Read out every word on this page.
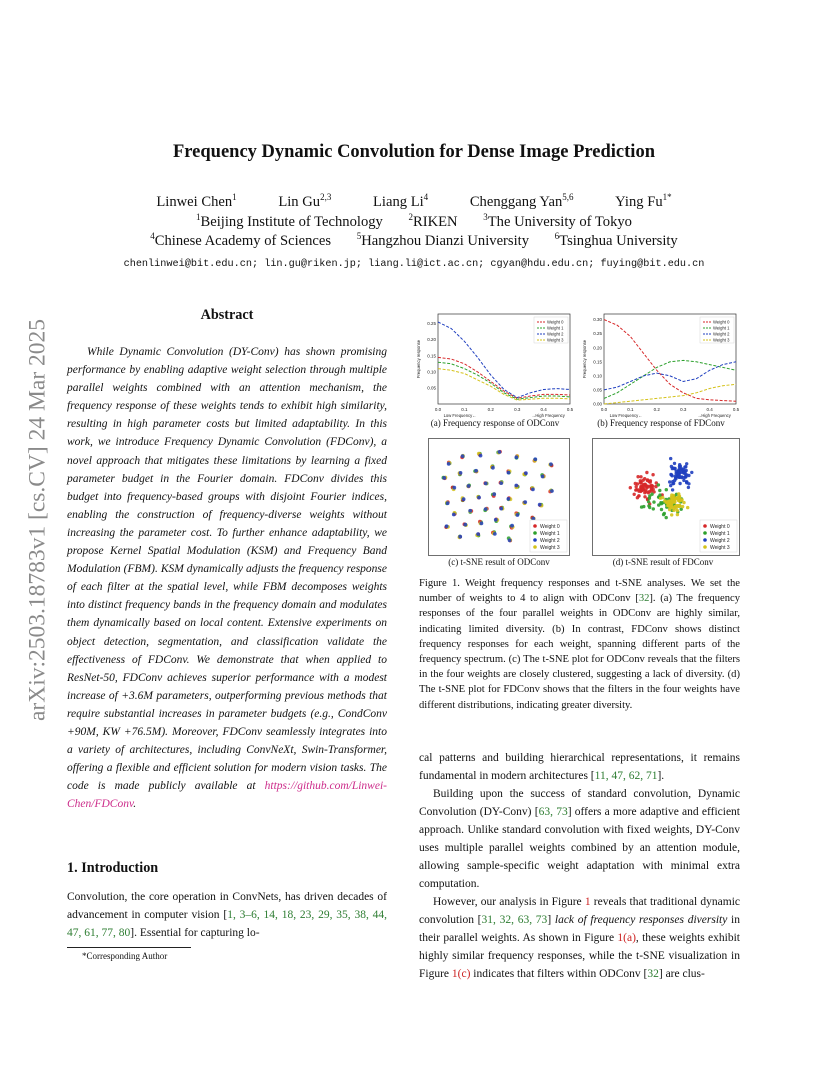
Frequency Dynamic Convolution for Dense Image Prediction
Linwei Chen$^1$	Lin Gu$^{2,3}$	Liang Li$^4$	Chenggang Yan$^{5,6}$	Ying $Fu^{1*}$
$^1$Beijing Institute of Technology	$^2$RIKEN	$^3$The University of Tokyo
$^4$Chinese Academy of Sciences	$^5$Hangzhou Dianzi University	$^6$Tsinghua University
chenlinwei@bit.edu.cn; lin.gu@riken.jp; liang.li@ict.ac.cn; cgyan@hdu.edu.cn; fuying@bit.edu.cn
arXiv:2503.18783v1 [cs.CV] 24 Mar 2025
Abstract
While Dynamic Convolution (DY-Conv) has shown promising performance by enabling adaptive weight selection through multiple parallel weights combined with an attention mechanism, the frequency response of these weights tends to exhibit high similarity, resulting in high parameter costs but limited adaptability. In this work, we introduce Frequency Dynamic Convolution (FDConv), a novel approach that mitigates these limitations by learning a fixed parameter budget in the Fourier domain. FDConv divides this budget into frequency-based groups with disjoint Fourier indices, enabling the construction of frequency-diverse weights without increasing the parameter cost. To further enhance adaptability, we propose Kernel Spatial Modulation (KSM) and Frequency Band Modulation (FBM). KSM dynamically adjusts the frequency response of each filter at the spatial level, while FBM decomposes weights into distinct frequency bands in the frequency domain and modulates them dynamically based on local content. Extensive experiments on object detection, segmentation, and classification validate the effectiveness of FDConv. We demonstrate that when applied to ResNet-50, FDConv achieves superior performance with a modest increase of +3.6M parameters, outperforming previous methods that require substantial increases in parameter budgets (e.g., CondConv +90M, KW +76.5M). Moreover, FDConv seamlessly integrates into a variety of architectures, including ConvNeXt, Swin-Transformer, offering a flexible and efficient solution for modern vision tasks. The code is made publicly available at https://github.com/Linwei-Chen/FDConv.
1. Introduction
Convolution, the core operation in ConvNets, has driven decades of advancement in computer vision [1, 3–6, 14, 18, 23, 29, 35, 38, 44, 47, 61, 77, 80]. Essential for capturing lo-
*Corresponding Author
0.0	0.1	0.2	0.3	0.4	0.5
0.05
0.10
0.15
0.20
0.25
Low Frequency←	→High Frequency
Frequency response
Weight 0
Weight 1
Weight 2
Weight 3
0.0	0.1	0.2	0.3	0.4	0.5
0.00
0.05
0.10
0.15
0.20
0.25
0.30
Low Frequency←	→High Frequency
Frequency response
Weight 0
Weight 1
Weight 2
Weight 3
(a) Frequency response of ODConv	(b) Frequency response of FDConv
Weight 0
Weight 1
Weight 2
Weight 3
Weight 0
Weight 1
Weight 2
Weight 3
(c) t-SNE result of ODConv	(d) t-SNE result of FDConv
Figure 1. Weight frequency responses and t-SNE analyses. We set the number of weights to 4 to align with ODConv [32]. (a) The frequency responses of the four parallel weights in ODConv are highly similar, indicating limited diversity. (b) In contrast, FDConv shows distinct frequency responses for each weight, spanning different parts of the frequency spectrum. (c) The t-SNE plot for ODConv reveals that the filters in the four weights are closely clustered, suggesting a lack of diversity. (d) The t-SNE plot for FDConv shows that the filters in the four weights have different distributions, indicating greater diversity.

cal patterns and building hierarchical representations, it remains fundamental in modern architectures [11, 47, 62, 71].

Building upon the success of standard convolution, Dynamic Convolution (DY-Conv) [63, 73] offers a more adaptive and efficient approach. Unlike standard convolution with fixed weights, DY-Conv uses multiple parallel weights combined by an attention module, allowing sample-specific weight adaptation with minimal extra computation.

However, our analysis in Figure 1 reveals that traditional dynamic convolution [31, 32, 63, 73] lack of frequency responses diversity in their parallel weights. As shown in Figure 1(a), these weights exhibit highly similar frequency responses, while the t-SNE visualization in Figure 1(c) indicates that filters within ODConv [32] are clus-
